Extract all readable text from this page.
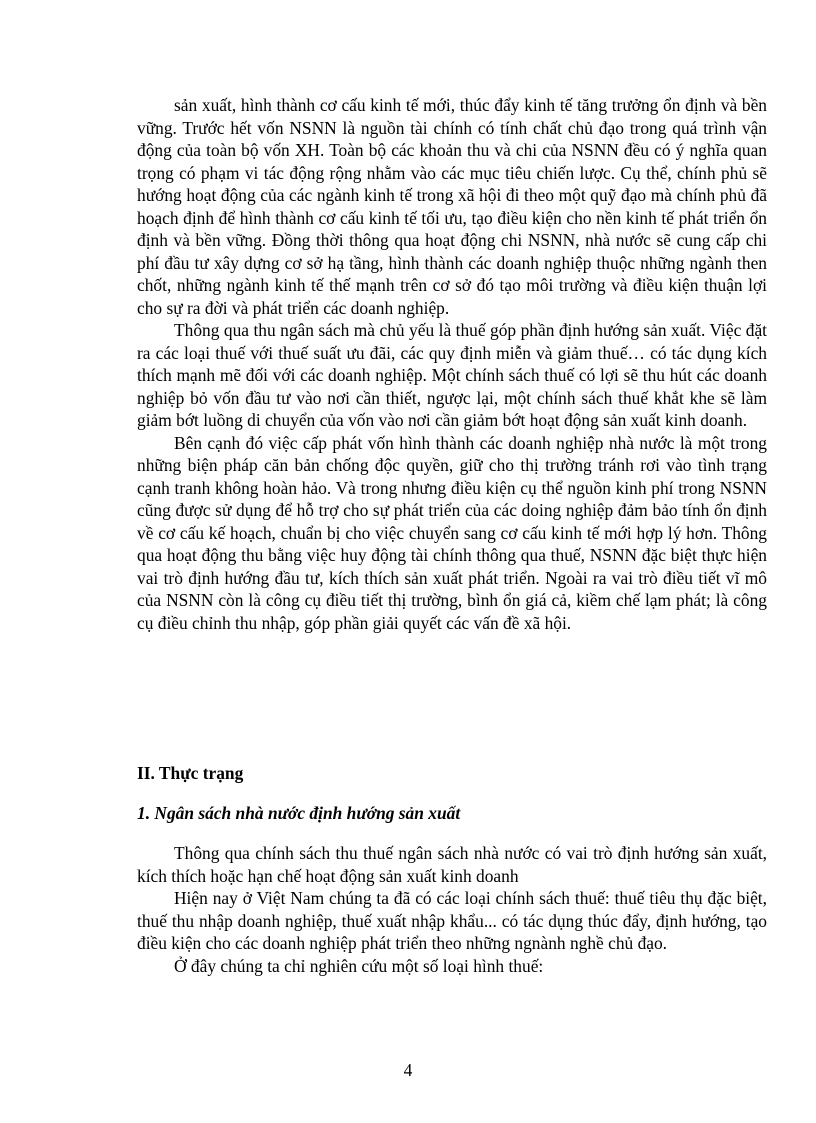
sản xuất, hình thành cơ cấu kinh tế mới, thúc đẩy kinh tế tăng trưởng ổn định và bền vững. Trước hết vốn NSNN là nguồn tài chính có tính chất chủ đạo trong quá trình vận động của toàn bộ vốn XH. Toàn bộ các khoản thu và chi của NSNN đều có ý nghĩa quan trọng có phạm vi tác động rộng nhằm vào các mục tiêu chiến lược. Cụ thể, chính phủ sẽ hướng hoạt động của các ngành kinh tế trong xã hội đi theo một quỹ đạo mà chính phủ đã hoạch định để hình thành cơ cấu kinh tế tối ưu, tạo điều kiện cho nền kinh tế phát triển ổn định và bền vững. Đồng thời thông qua hoạt động chi NSNN, nhà nước sẽ cung cấp chi phí đầu tư xây dựng cơ sở hạ tầng, hình thành các doanh nghiệp thuộc những ngành then chốt, những ngành kinh tế thế mạnh trên cơ sở đó tạo môi trường và điều kiện thuận lợi cho sự ra đời và phát triển các doanh nghiệp.

Thông qua thu ngân sách mà chủ yếu là thuế góp phần định hướng sản xuất. Việc đặt ra các loại thuế với thuế suất ưu đãi, các quy định miễn và giảm thuế… có tác dụng kích thích mạnh mẽ đối với các doanh nghiệp. Một chính sách thuế có lợi sẽ thu hút các doanh nghiệp bỏ vốn đầu tư vào nơi cần thiết, ngược lại, một chính sách thuế khắt khe sẽ làm giảm bớt luồng di chuyển của vốn vào nơi cần giảm bớt hoạt động sản xuất kinh doanh.

Bên cạnh đó việc cấp phát vốn hình thành các doanh nghiệp nhà nước là một trong những biện pháp căn bản chống độc quyền, giữ cho thị trường tránh rơi vào tình trạng cạnh tranh không hoàn hảo. Và trong nhưng điều kiện cụ thể nguồn kinh phí trong NSNN cũng được sử dụng để hỗ trợ cho sự phát triển của các doing nghiệp đảm bảo tính ổn định về cơ cấu kế hoạch, chuẩn bị cho việc chuyển sang cơ cấu kinh tế mới hợp lý hơn. Thông qua hoạt động thu bằng việc huy động tài chính thông qua thuế, NSNN đặc biệt thực hiện vai trò định hướng đầu tư, kích thích sản xuất phát triển. Ngoài ra vai trò điều tiết vĩ mô của NSNN còn là công cụ điều tiết thị trường, bình ổn giá cả, kiềm chế lạm phát; là công cụ điều chỉnh thu nhập, góp phần giải quyết các vấn đề xã hội.

II. Thực trạng

1. Ngân sách nhà nước định hướng sản xuất

Thông qua chính sách thu thuế ngân sách nhà nước có vai trò định hướng sản xuất, kích thích hoặc hạn chế hoạt động sản xuất kinh doanh

Hiện nay ở Việt Nam chúng ta đã có các loại chính sách thuế: thuế tiêu thụ đặc biệt, thuế thu nhập doanh nghiệp, thuế xuất nhập khẩu... có tác dụng thúc đẩy, định hướng, tạo điều kiện cho các doanh nghiệp phát triển theo những ngnành nghề chủ đạo.

Ở đây chúng ta chỉ nghiên cứu một số loại hình thuế:

4
